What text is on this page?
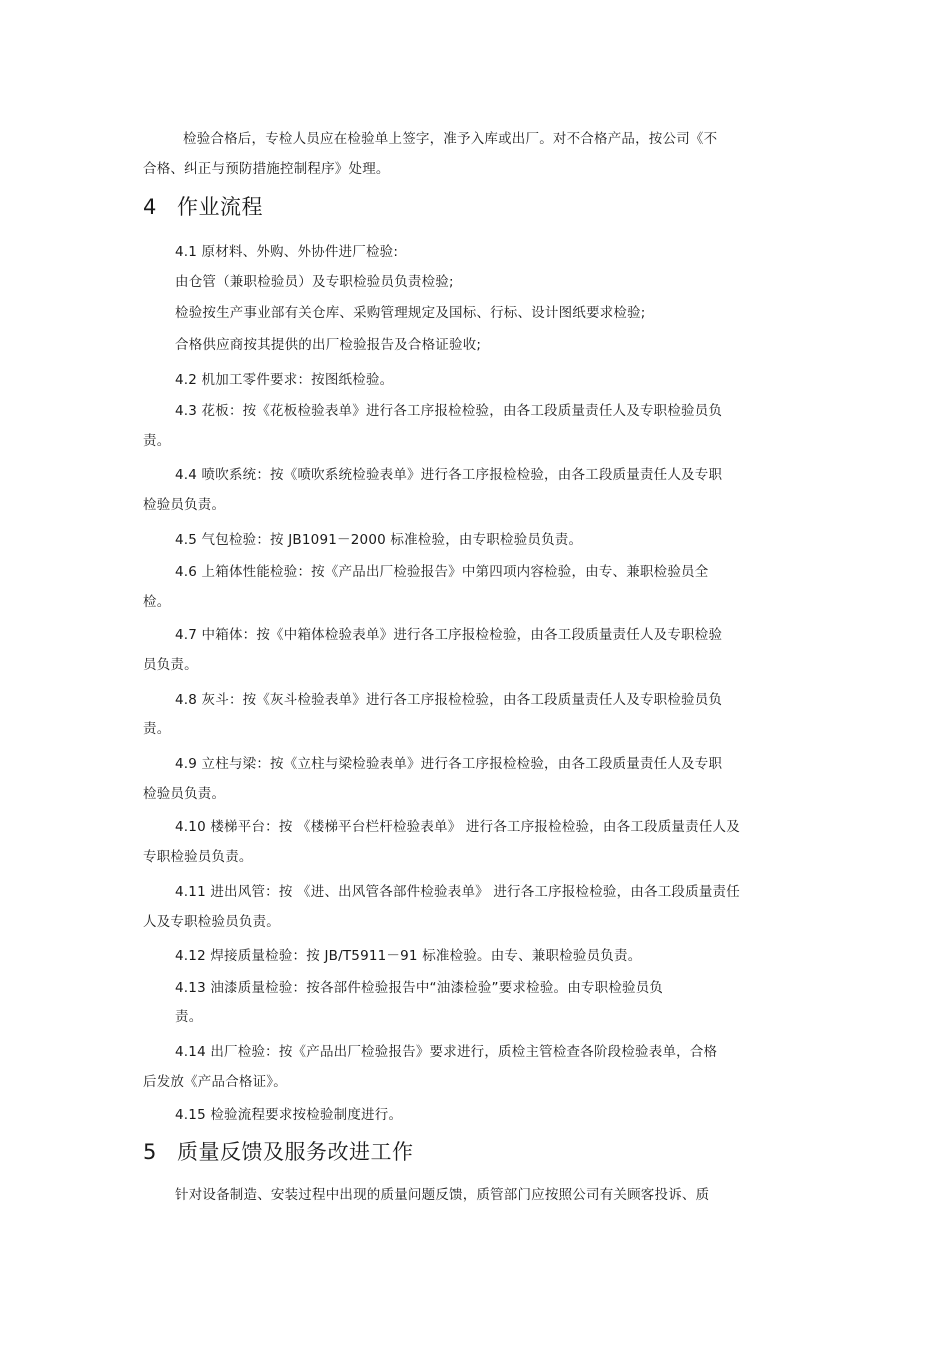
检验合格后，专检人员应在检验单上签字，准予入库或出厂。对不合格产品，按公司《不
合格、纠正与预防措施控制程序》处理。
4 作业流程
4.1 原材料、外购、外协件进厂检验:
由仓管（兼职检验员）及专职检验员负责检验;
检验按生产事业部有关仓库、采购管理规定及国标、行标、设计图纸要求检验;
合格供应商按其提供的出厂检验报告及合格证验收;
4.2 机加工零件要求：按图纸检验。
4.3 花板：按《花板检验表单》进行各工序报检检验，由各工段质量责任人及专职检验员负
责。
4.4 喷吹系统：按《喷吹系统检验表单》进行各工序报检检验，由各工段质量责任人及专职
检验员负责。
4.5 气包检验：按 JB1091－2000 标准检验，由专职检验员负责。
4.6 上箱体性能检验：按《产品出厂检验报告》中第四项内容检验，由专、兼职检验员全
检。
4.7 中箱体：按《中箱体检验表单》进行各工序报检检验，由各工段质量责任人及专职检验
员负责。
4.8 灰斗：按《灰斗检验表单》进行各工序报检检验，由各工段质量责任人及专职检验员负
责。
4.9 立柱与梁：按《立柱与梁检验表单》进行各工序报检检验，由各工段质量责任人及专职
检验员负责。
4.10 楼梯平台：按 《楼梯平台栏杆检验表单》 进行各工序报检检验，由各工段质量责任人及
专职检验员负责。
4.11 进出风管：按 《进、出风管各部件检验表单》 进行各工序报检检验，由各工段质量责任
人及专职检验员负责。
4.12 焊接质量检验：按 JB/T5911－91 标准检验。由专、兼职检验员负责。
4.13 油漆质量检验：按各部件检验报告中“油漆检验”要求检验。由专职检验员负
责。
4.14 出厂检验：按《产品出厂检验报告》要求进行，质检主管检查各阶段检验表单，合格
后发放《产品合格证》。
4.15 检验流程要求按检验制度进行。
5 质量反馈及服务改进工作
针对设备制造、安装过程中出现的质量问题反馈，质管部门应按照公司有关顾客投诉、质
